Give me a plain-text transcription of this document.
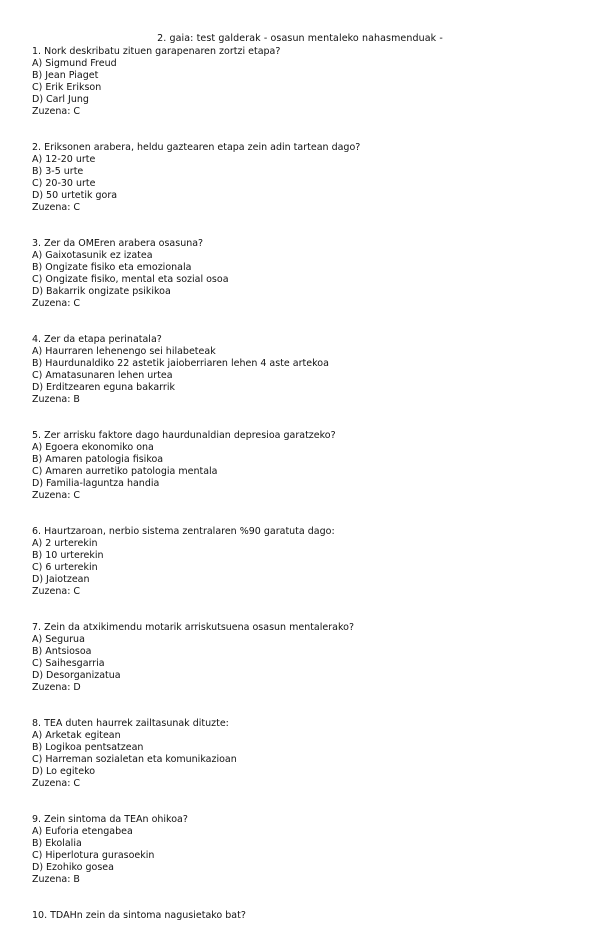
2. gaia: test galderak - osasun mentaleko nahasmenduak -
1. Nork deskribatu zituen garapenaren zortzi etapa?
A) Sigmund Freud
B) Jean Piaget
C) Erik Erikson
D) Carl Jung
Zuzena: C
2. Eriksonen arabera, heldu gaztearen etapa zein adin tartean dago?
A) 12-20 urte
B) 3-5 urte
C) 20-30 urte
D) 50 urtetik gora
Zuzena: C
3. Zer da OMEren arabera osasuna?
A) Gaixotasunik ez izatea
B) Ongizate fisiko eta emozionala
C) Ongizate fisiko, mental eta sozial osoa
D) Bakarrik ongizate psikikoa
Zuzena: C
4. Zer da etapa perinatala?
A) Haurraren lehenengo sei hilabeteak
B) Haurdunaldiko 22 astetik jaioberriaren lehen 4 aste artekoa
C) Amatasunaren lehen urtea
D) Erditzearen eguna bakarrik
Zuzena: B
5. Zer arrisku faktore dago haurdunaldian depresioa garatzeko?
A) Egoera ekonomiko ona
B) Amaren patologia fisikoa
C) Amaren aurretiko patologia mentala
D) Familia-laguntza handia
Zuzena: C
6. Haurtzaroan, nerbio sistema zentralaren %90 garatuta dago:
A) 2 urterekin
B) 10 urterekin
C) 6 urterekin
D) Jaiotzean
Zuzena: C
7. Zein da atxikimendu motarik arriskutsuena osasun mentalerako?
A) Segurua
B) Antsiosoa
C) Saihesgarria
D) Desorganizatua
Zuzena: D
8. TEA duten haurrek zailtasunak dituzte:
A) Arketak egitean
B) Logikoa pentsatzean
C) Harreman sozialetan eta komunikazioan
D) Lo egiteko
Zuzena: C
9. Zein sintoma da TEAn ohikoa?
A) Euforia etengabea
B) Ekolalia
C) Hiperlotura gurasoekin
D) Ezohiko gosea
Zuzena: B
10. TDAHn zein da sintoma nagusietako bat?
